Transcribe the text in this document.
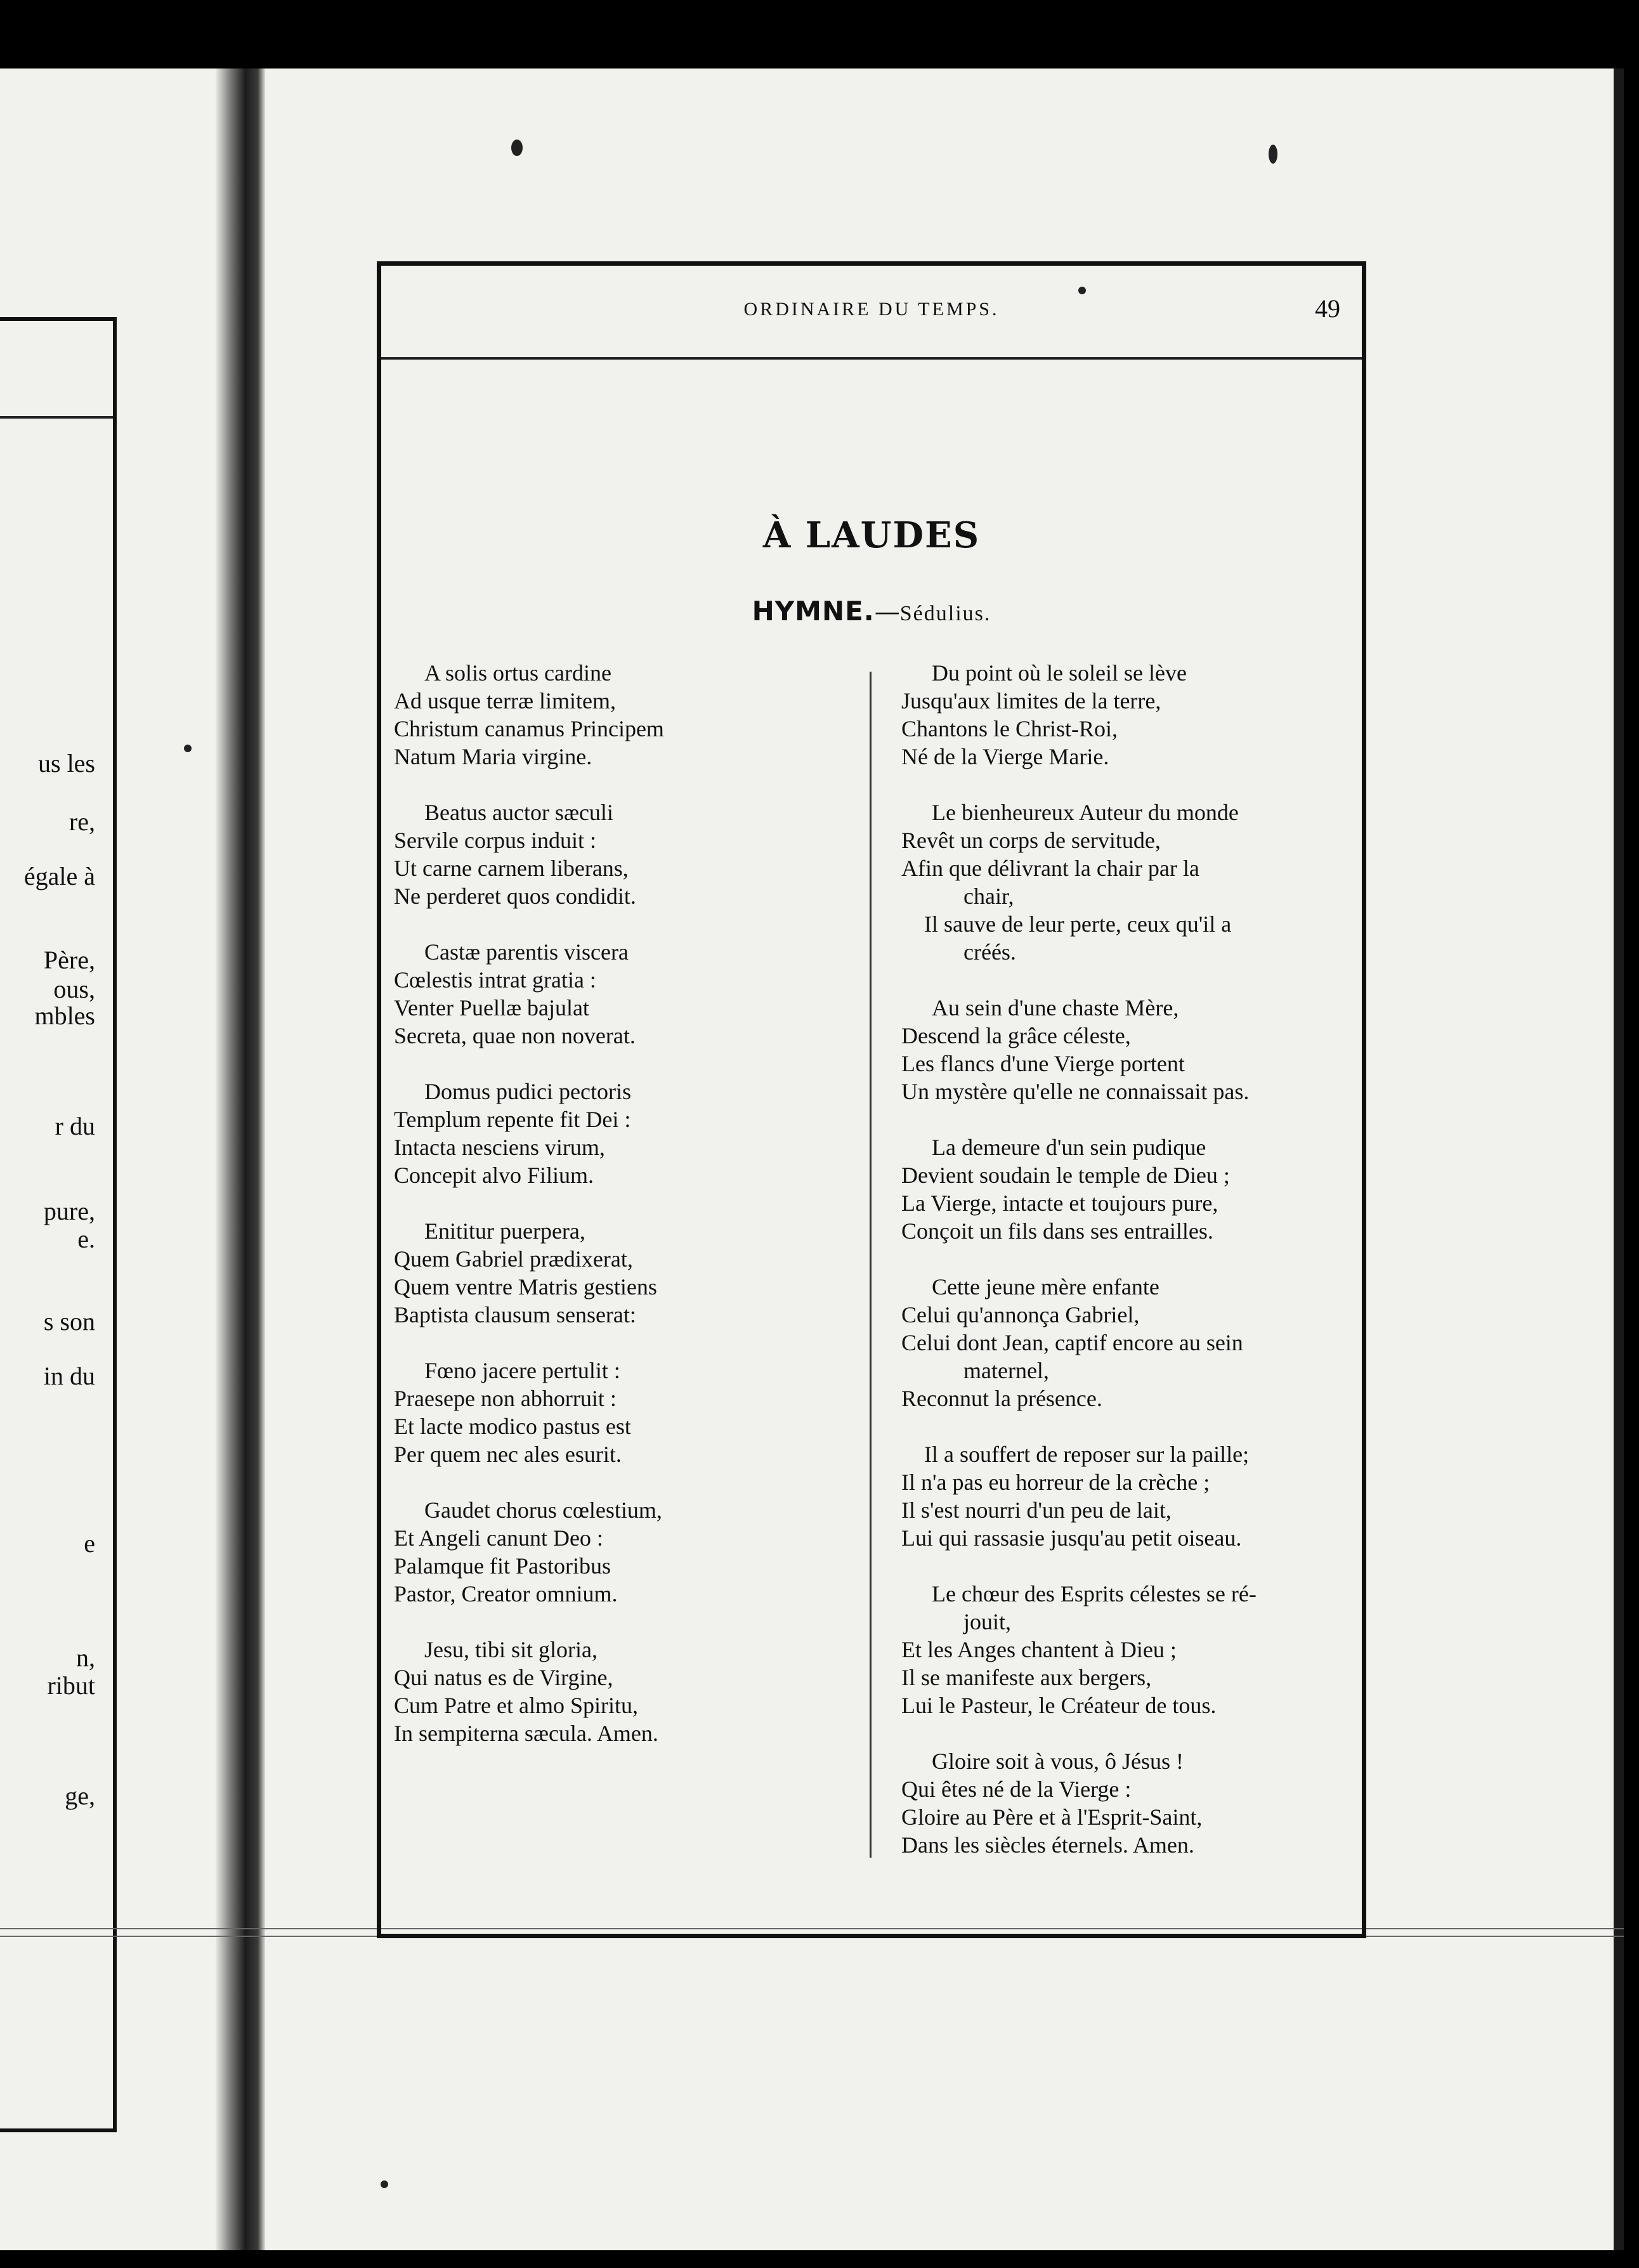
us les
re,
égale à
Père,
ous,
mbles
r du
pure,
e.
s son
in du
e
n,
ribut
ge,
ORDINAIRE DU TEMPS.	49
À LAUDES
HYMNE.—Sédulius.
A solis ortus cardine
Ad usque terræ limitem,
Christum canamus Principem
Natum Maria virgine.
Beatus auctor sæculi
Servile corpus induit :
Ut carne carnem liberans,
Ne perderet quos condidit.
Castæ parentis viscera
Cœlestis intrat gratia :
Venter Puellæ bajulat
Secreta, quae non noverat.
Domus pudici pectoris
Templum repente fit Dei :
Intacta nesciens virum,
Concepit alvo Filium.
Enititur puerpera,
Quem Gabriel prædixerat,
Quem ventre Matris gestiens
Baptista clausum senserat:
Fœno jacere pertulit :
Praesepe non abhorruit :
Et lacte modico pastus est
Per quem nec ales esurit.
Gaudet chorus cœlestium,
Et Angeli canunt Deo :
Palamque fit Pastoribus
Pastor, Creator omnium.
Jesu, tibi sit gloria,
Qui natus es de Virgine,
Cum Patre et almo Spiritu,
In sempiterna sæcula. Amen.
Du point où le soleil se lève
Jusqu'aux limites de la terre,
Chantons le Christ-Roi,
Né de la Vierge Marie.
Le bienheureux Auteur du monde
Revêt un corps de servitude,
Afin que délivrant la chair par la
chair,
Il sauve de leur perte, ceux qu'il a
créés.
Au sein d'une chaste Mère,
Descend la grâce céleste,
Les flancs d'une Vierge portent
Un mystère qu'elle ne connaissait pas.
La demeure d'un sein pudique
Devient soudain le temple de Dieu ;
La Vierge, intacte et toujours pure,
Conçoit un fils dans ses entrailles.
Cette jeune mère enfante
Celui qu'annonça Gabriel,
Celui dont Jean, captif encore au sein
maternel,
Reconnut la présence.
Il a souffert de reposer sur la paille;
Il n'a pas eu horreur de la crèche ;
Il s'est nourri d'un peu de lait,
Lui qui rassasie jusqu'au petit oiseau.
Le chœur des Esprits célestes se ré-
jouit,
Et les Anges chantent à Dieu ;
Il se manifeste aux bergers,
Lui le Pasteur, le Créateur de tous.
Gloire soit à vous, ô Jésus !
Qui êtes né de la Vierge :
Gloire au Père et à l'Esprit-Saint,
Dans les siècles éternels. Amen.
